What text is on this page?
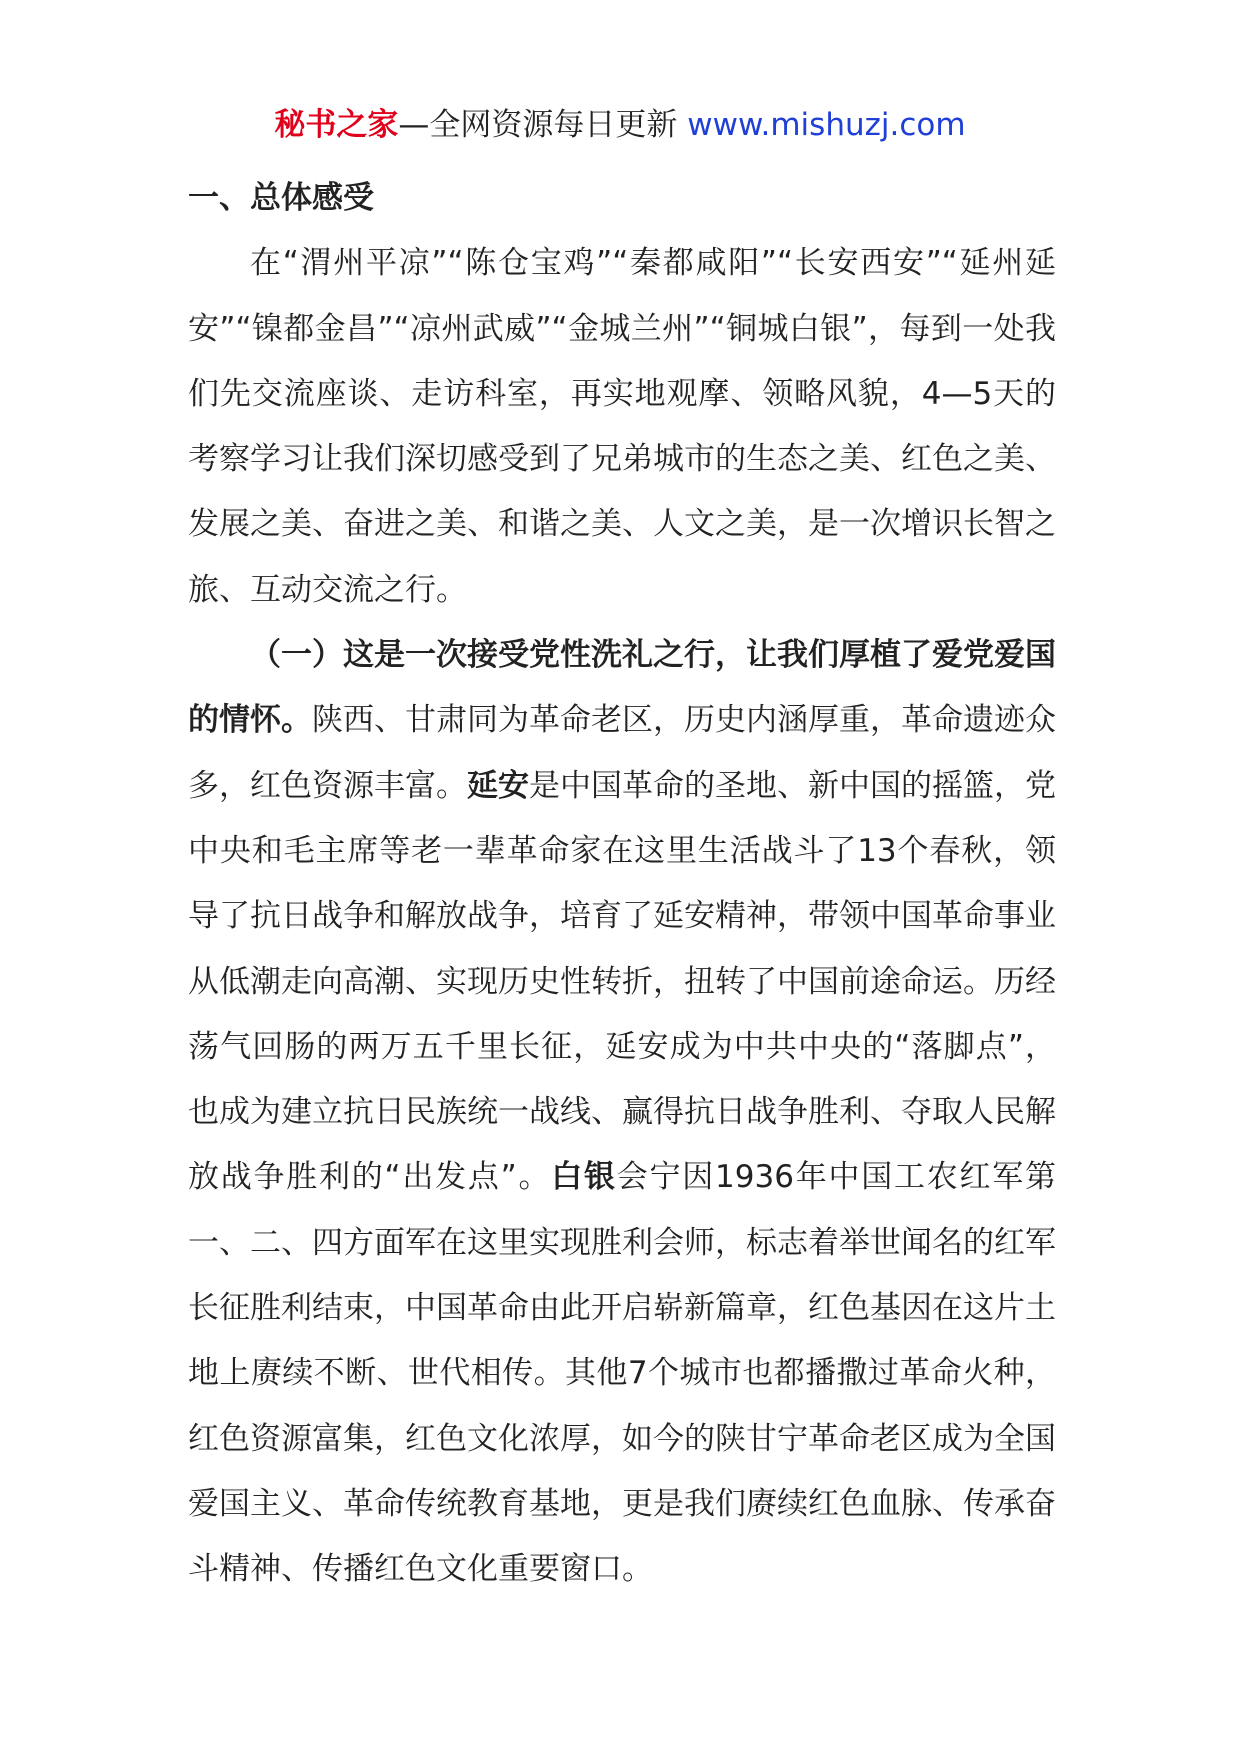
秘书之家—全网资源每日更新 www.mishuzj.com

一、总体感受

在“渭州平凉”“陈仓宝鸡”“秦都咸阳”“长安西安”“延州延安”“镍都金昌”“凉州武威”“金城兰州”“铜城白银”，每到一处我们先交流座谈、走访科室，再实地观摩、领略风貌，4—5天的考察学习让我们深切感受到了兄弟城市的生态之美、红色之美、发展之美、奋进之美、和谐之美、人文之美，是一次增识长智之旅、互动交流之行。

（一）这是一次接受党性洗礼之行，让我们厚植了爱党爱国的情怀。陕西、甘肃同为革命老区，历史内涵厚重，革命遗迹众多，红色资源丰富。延安是中国革命的圣地、新中国的摇篮，党中央和毛主席等老一辈革命家在这里生活战斗了13个春秋，领导了抗日战争和解放战争，培育了延安精神，带领中国革命事业从低潮走向高潮、实现历史性转折，扭转了中国前途命运。历经荡气回肠的两万五千里长征，延安成为中共中央的“落脚点”，也成为建立抗日民族统一战线、赢得抗日战争胜利、夺取人民解放战争胜利的“出发点”。白银会宁因1936年中国工农红军第一、二、四方面军在这里实现胜利会师，标志着举世闻名的红军长征胜利结束，中国革命由此开启崭新篇章，红色基因在这片土地上赓续不断、世代相传。其他7个城市也都播撒过革命火种，红色资源富集，红色文化浓厚，如今的陕甘宁革命老区成为全国爱国主义、革命传统教育基地，更是我们赓续红色血脉、传承奋斗精神、传播红色文化重要窗口。
